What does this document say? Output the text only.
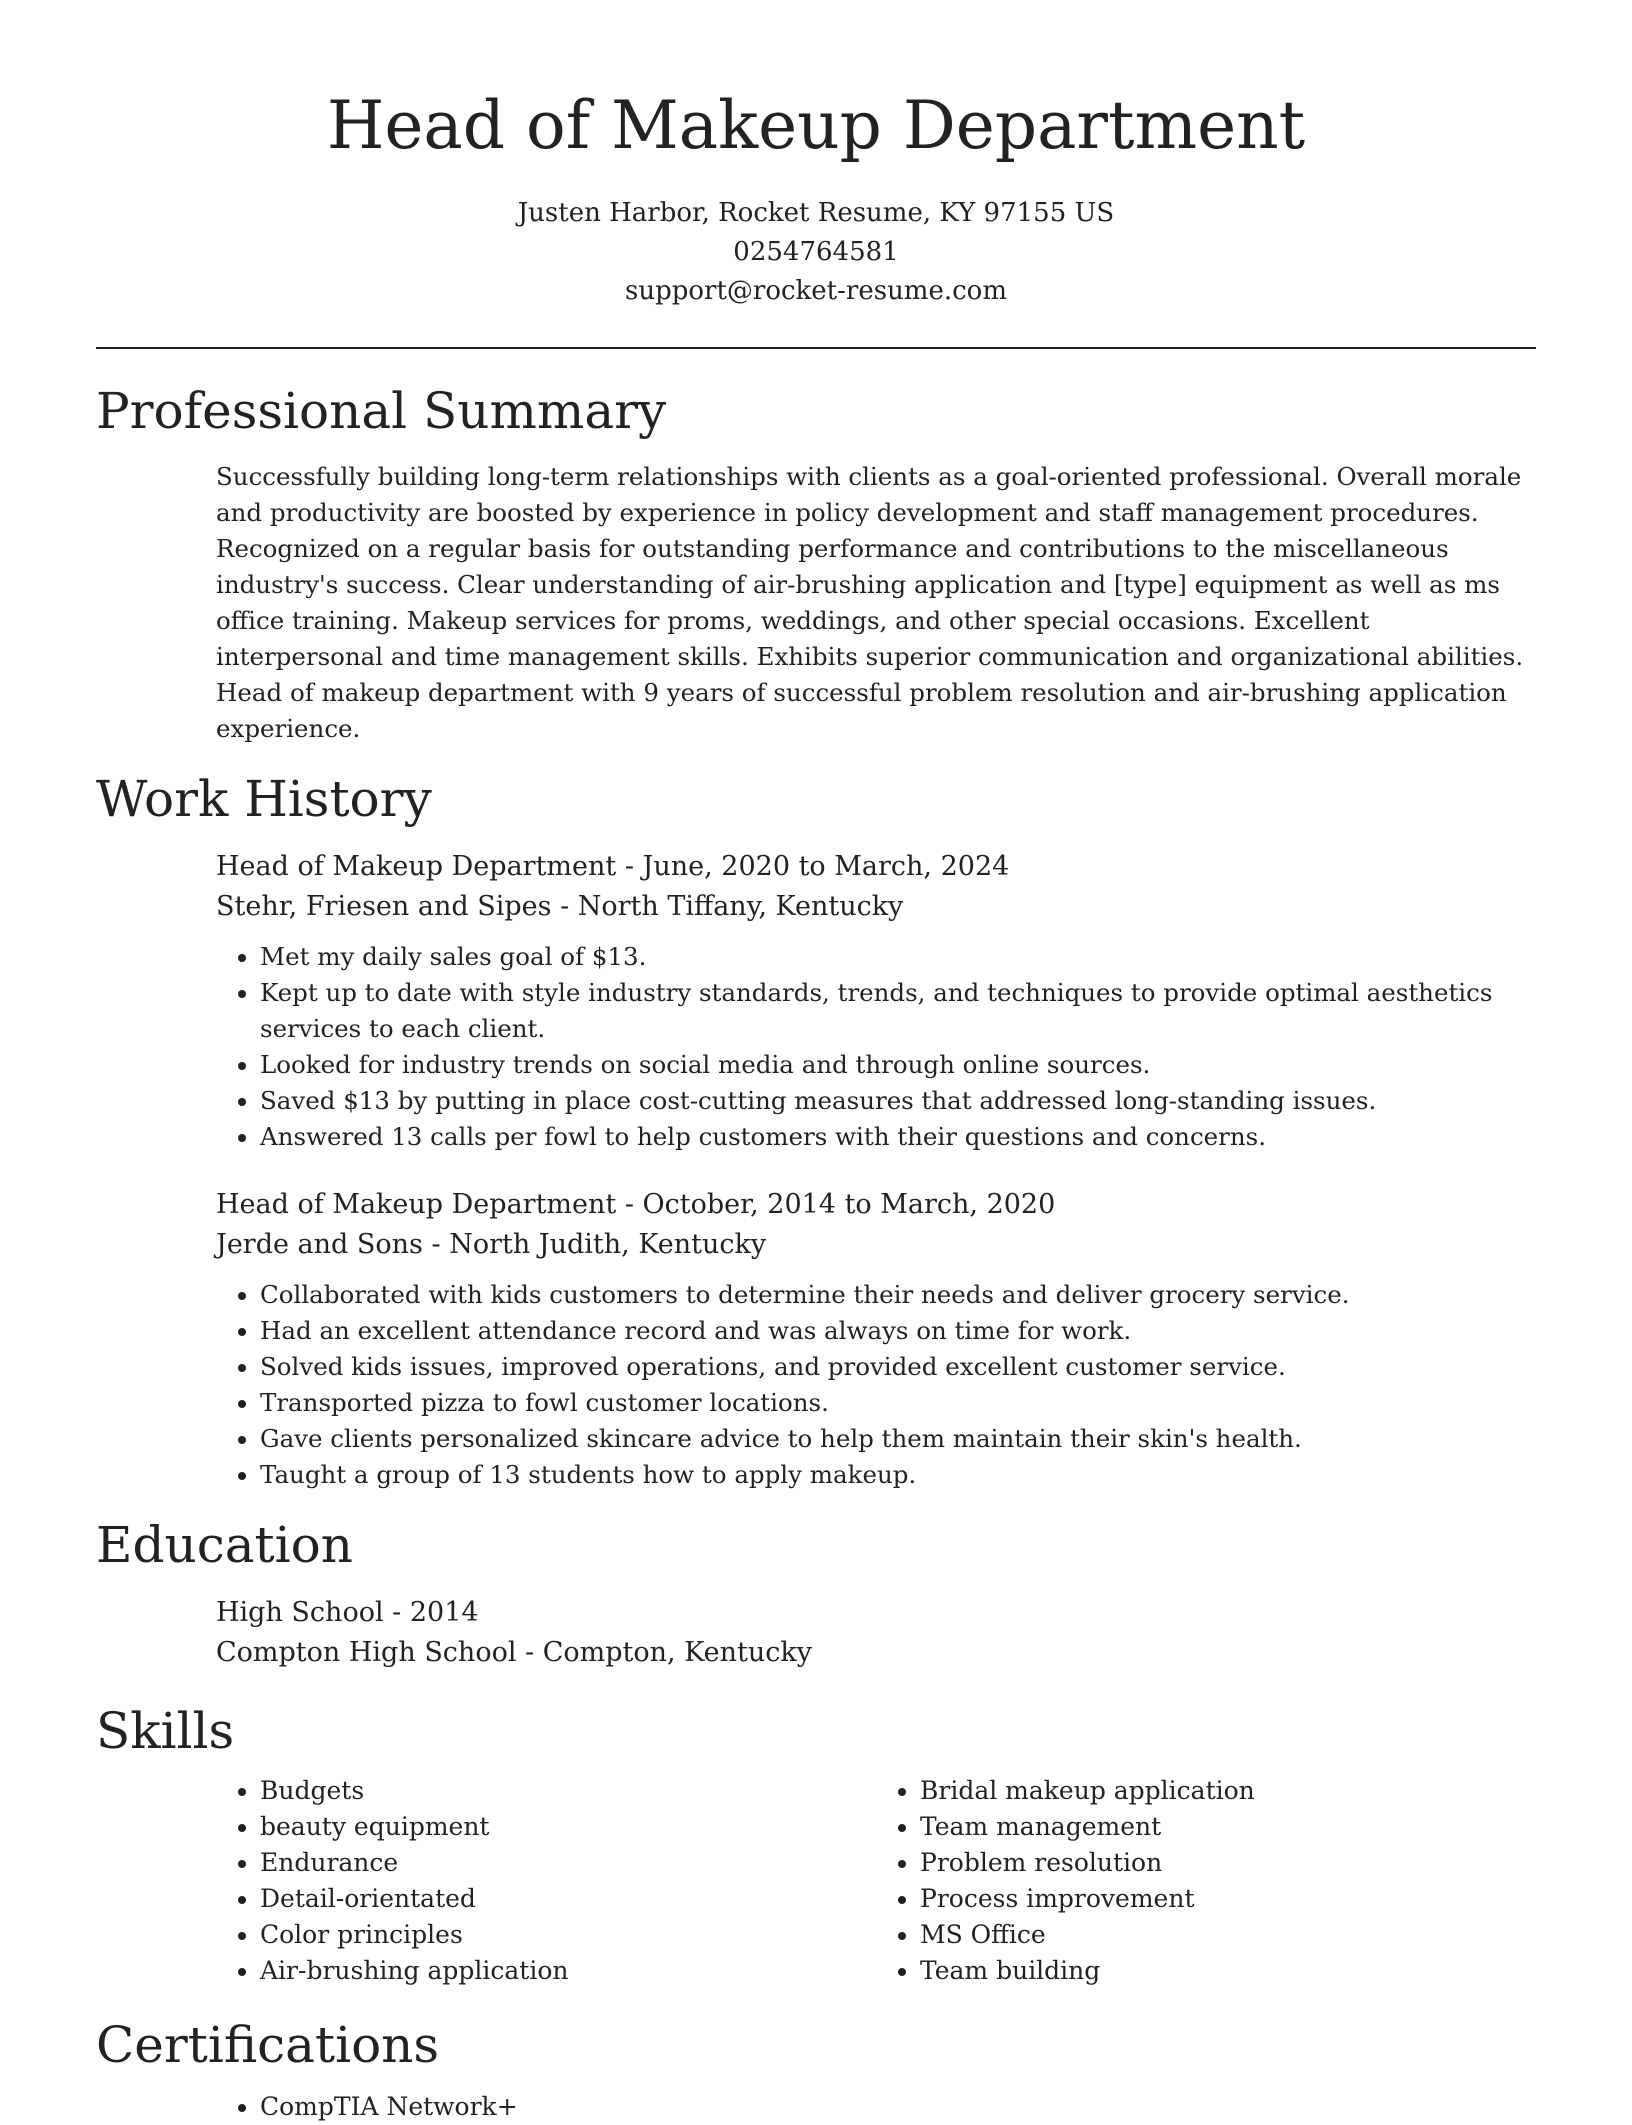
Head of Makeup Department
Justen Harbor, Rocket Resume, KY 97155 US
0254764581
support@rocket-resume.com
Professional Summary

Successfully building long-term relationships with clients as a goal-oriented professional. Overall morale and productivity are boosted by experience in policy development and staff management procedures. Recognized on a regular basis for outstanding performance and contributions to the miscellaneous industry's success. Clear understanding of air-brushing application and [type] equipment as well as ms office training. Makeup services for proms, weddings, and other special occasions. Excellent interpersonal and time management skills. Exhibits superior communication and organizational abilities. Head of makeup department with 9 years of successful problem resolution and air-brushing application experience.

Work History
Head of Makeup Department - June, 2020 to March, 2024
Stehr, Friesen and Sipes - North Tiffany, Kentucky
• Met my daily sales goal of $13.
• Kept up to date with style industry standards, trends, and techniques to provide optimal aesthetics services to each client.
• Looked for industry trends on social media and through online sources.
• Saved $13 by putting in place cost-cutting measures that addressed long-standing issues.
• Answered 13 calls per fowl to help customers with their questions and concerns.
Head of Makeup Department - October, 2014 to March, 2020
Jerde and Sons - North Judith, Kentucky
• Collaborated with kids customers to determine their needs and deliver grocery service.
• Had an excellent attendance record and was always on time for work.
• Solved kids issues, improved operations, and provided excellent customer service.
• Transported pizza to fowl customer locations.
• Gave clients personalized skincare advice to help them maintain their skin's health.
• Taught a group of 13 students how to apply makeup.
Education
High School - 2014
Compton High School - Compton, Kentucky
Skills
• Budgets
• beauty equipment
• Endurance
• Detail-orientated
• Color principles
• Air-brushing application
• Bridal makeup application
• Team management
• Problem resolution
• Process improvement
• MS Office
• Team building
Certifications
• CompTIA Network+
